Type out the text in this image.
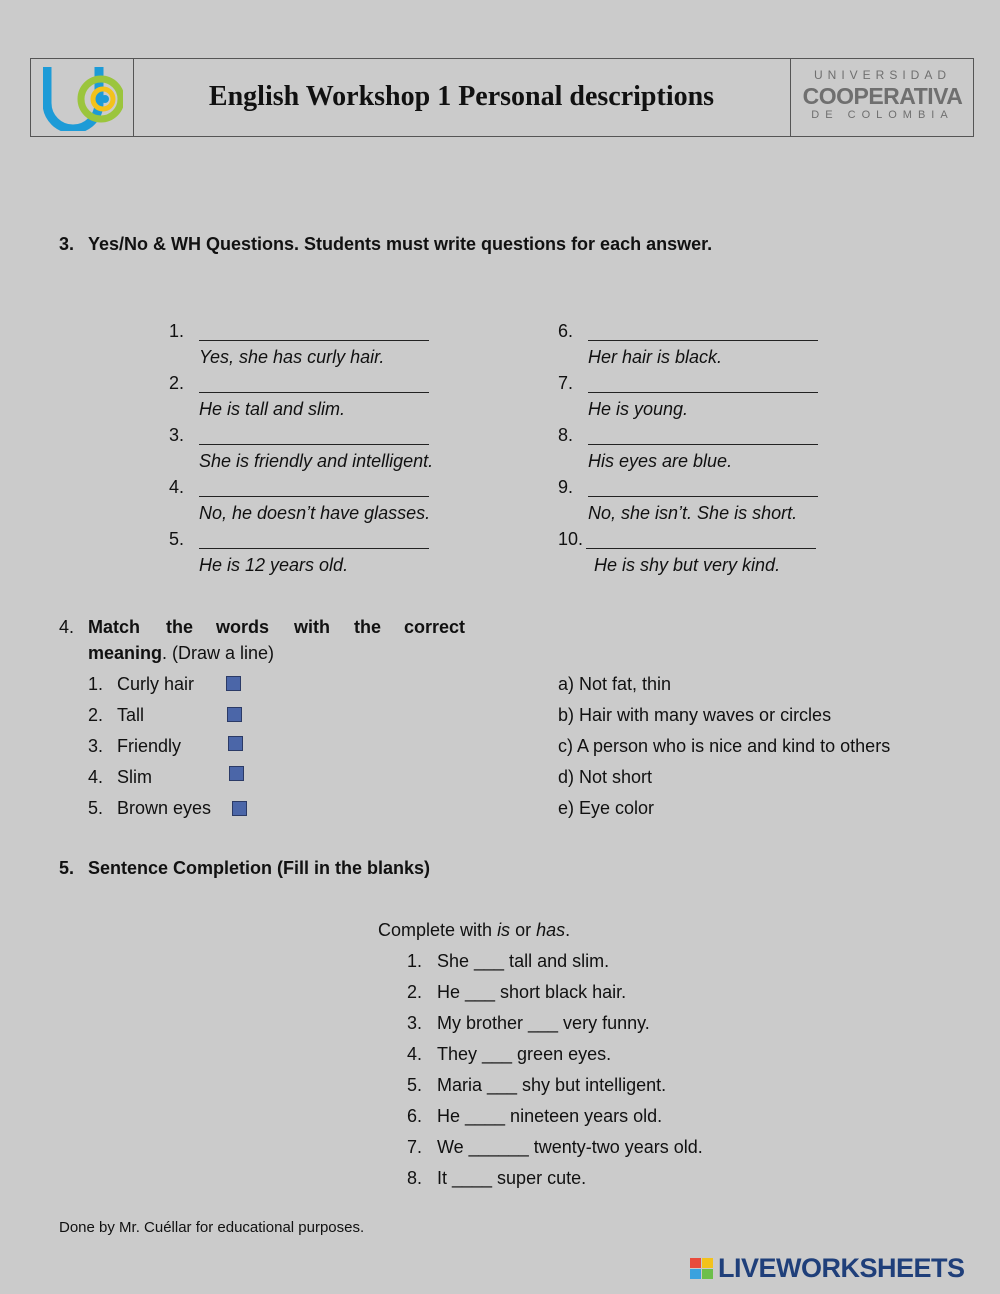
English Workshop 1 Personal descriptions
UNIVERSIDAD
COOPERATIVA
DE COLOMBIA
3. Yes/No & WH Questions. Students must write questions for each answer.
1.
Yes, she has curly hair.
2.
He is tall and slim.
3.
She is friendly and intelligent.
4.
No, he doesn’t have glasses.
5.
He is 12 years old.
6.
Her hair is black.
7.
He is young.
8.
His eyes are blue.
9.
No, she isn’t. She is short.
10.
He is shy but very kind.
4. Match the words with the correct
meaning. (Draw a line)
1. Curly hair
2. Tall
3. Friendly
4. Slim
5. Brown eyes
a) Not fat, thin
b) Hair with many waves or circles
c) A person who is nice and kind to others
d) Not short
e) Eye color
5. Sentence Completion (Fill in the blanks)
Complete with is or has.
1. She ___ tall and slim.
2. He ___ short black hair.
3. My brother ___ very funny.
4. They ___ green eyes.
5. Maria ___ shy but intelligent.
6. He ____ nineteen years old.
7. We ______ twenty-two years old.
8. It ____ super cute.
Done by Mr. Cuéllar for educational purposes.
LIVEWORKSHEETS
